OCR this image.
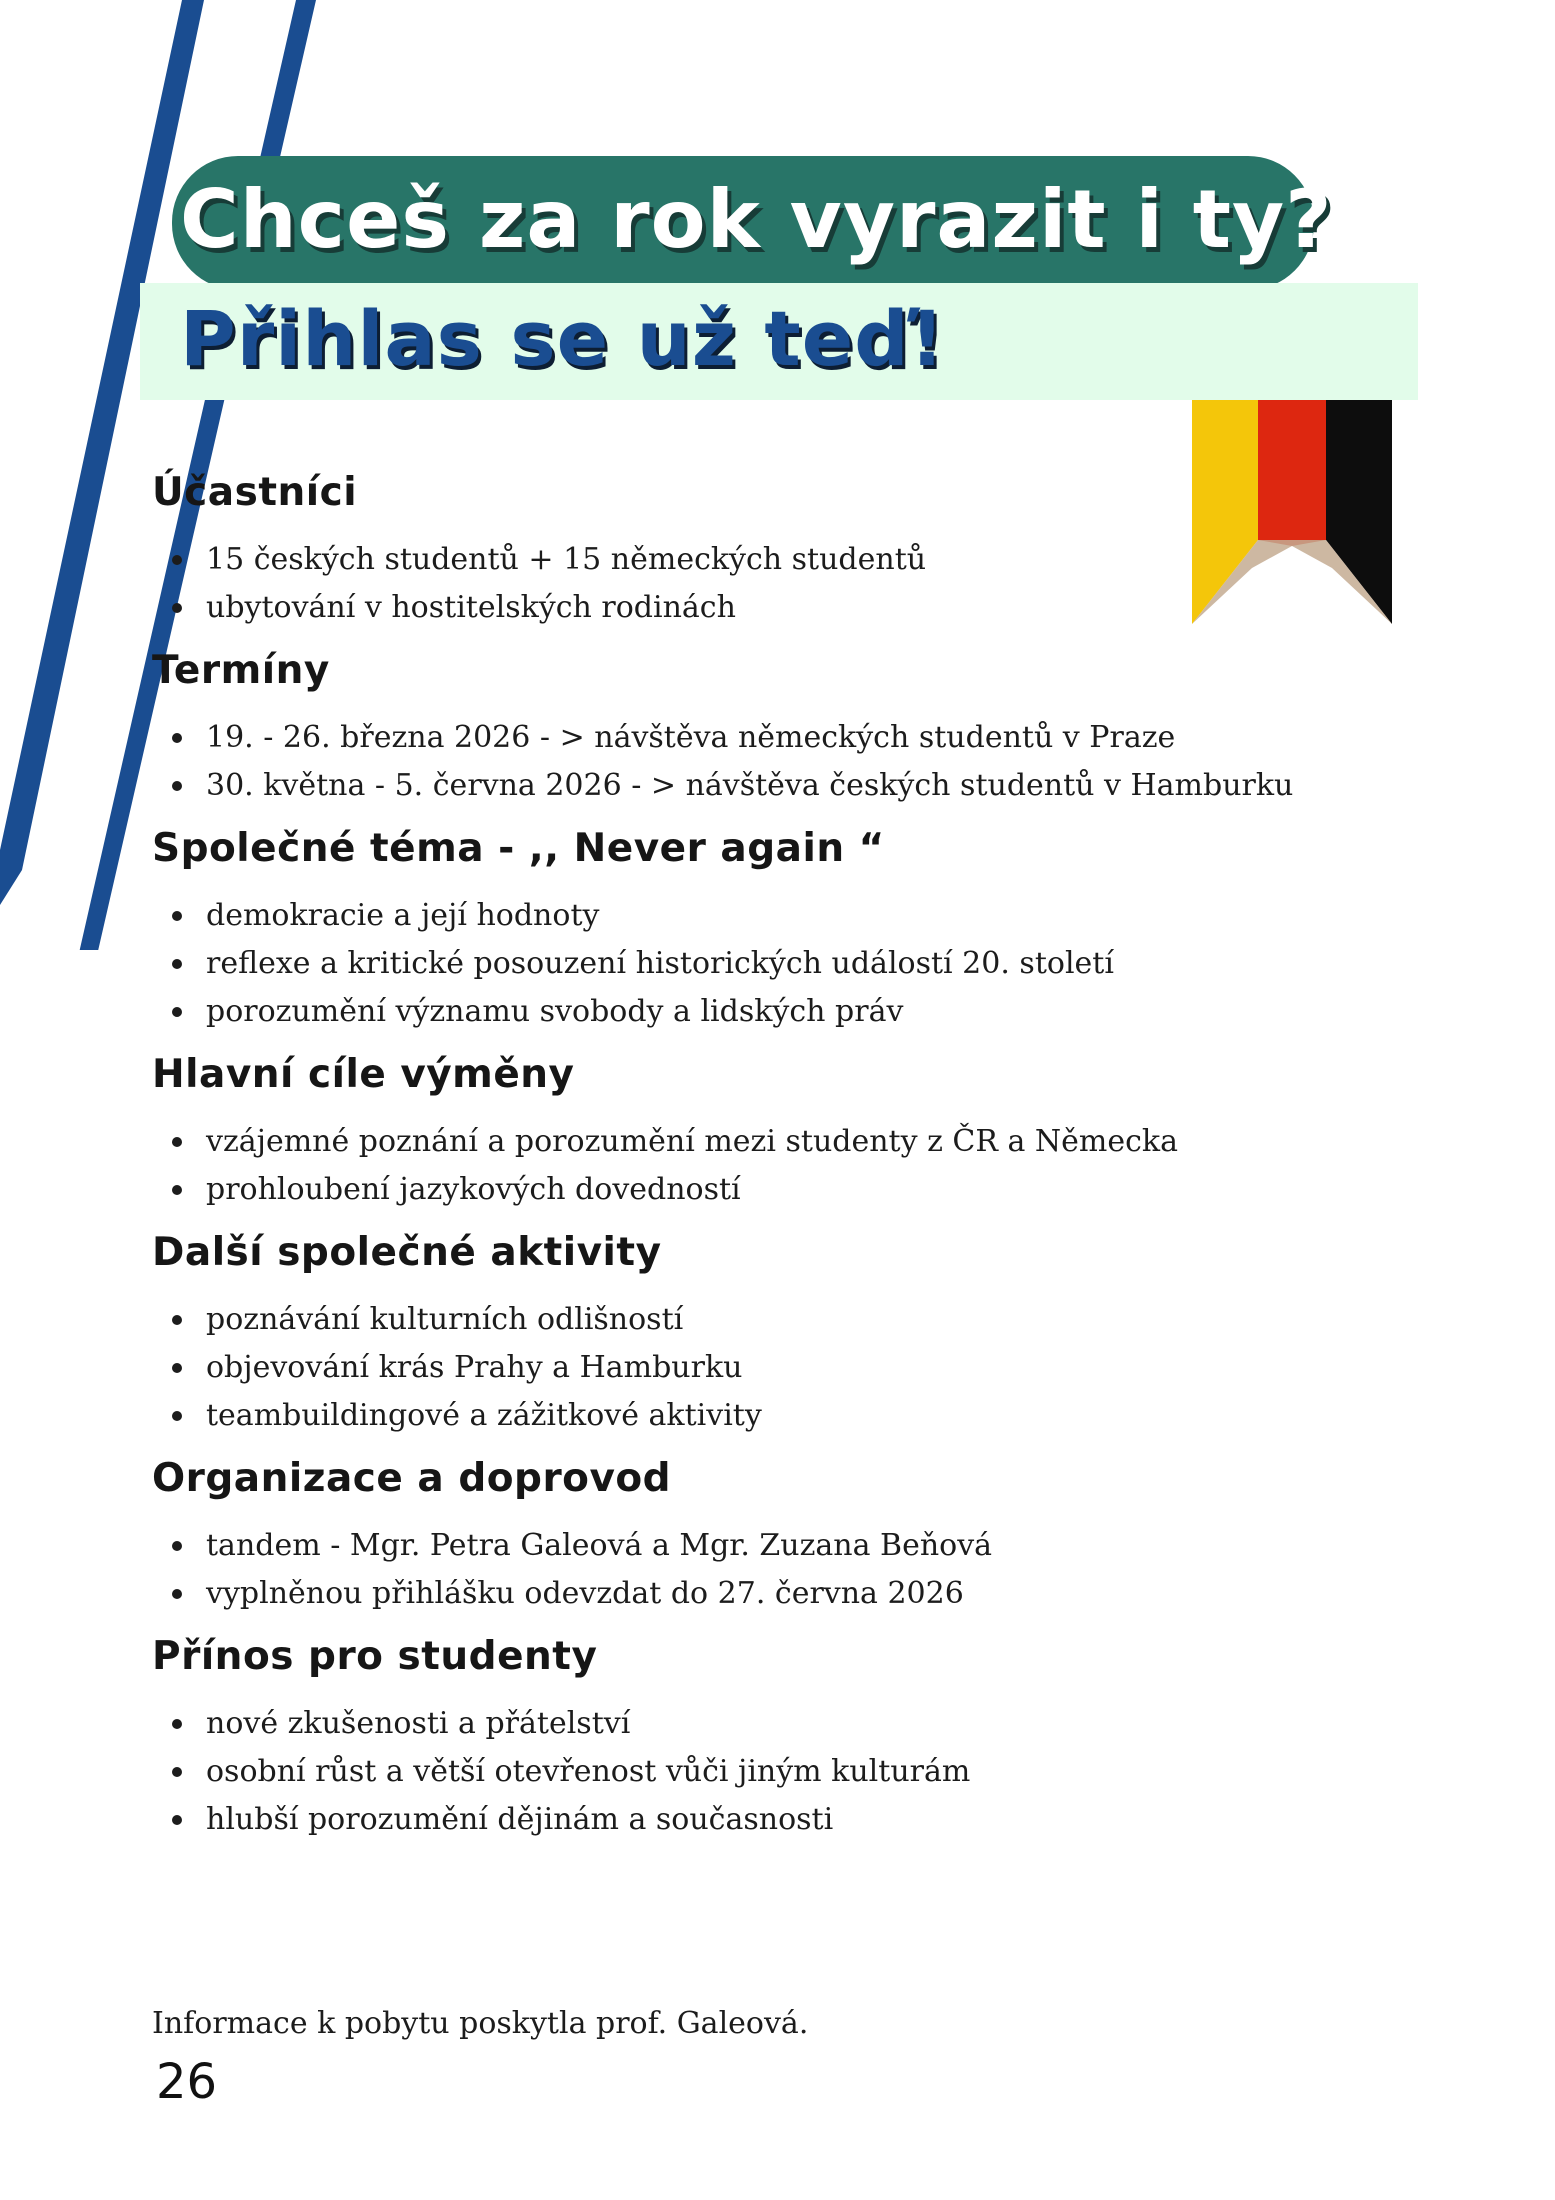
Chceš za rok vyrazit i ty?
Přihlas se už teď!
Účastníci
15 českých studentů + 15 německých studentů
ubytování v hostitelských rodinách
Termíny
19. - 26. března 2026 - > návštěva německých studentů v Praze
30. května - 5. června 2026 - > návštěva českých studentů v Hamburku
Společné téma - ,, Never again “
demokracie a její hodnoty
reflexe a kritické posouzení historických událostí 20. století
porozumění významu svobody a lidských práv
Hlavní cíle výměny
vzájemné poznání a porozumění mezi studenty z ČR a Německa
prohloubení jazykových dovedností
Další společné aktivity
poznávání kulturních odlišností
objevování krás Prahy a Hamburku
teambuildingové a zážitkové aktivity
Organizace a doprovod
tandem - Mgr. Petra Galeová a Mgr. Zuzana Beňová
vyplněnou přihlášku odevzdat do 27. června 2026
Přínos pro studenty
nové zkušenosti a přátelství
osobní růst a větší otevřenost vůči jiným kulturám
hlubší porozumění dějinám a současnosti
Informace k pobytu poskytla prof. Galeová.
26
